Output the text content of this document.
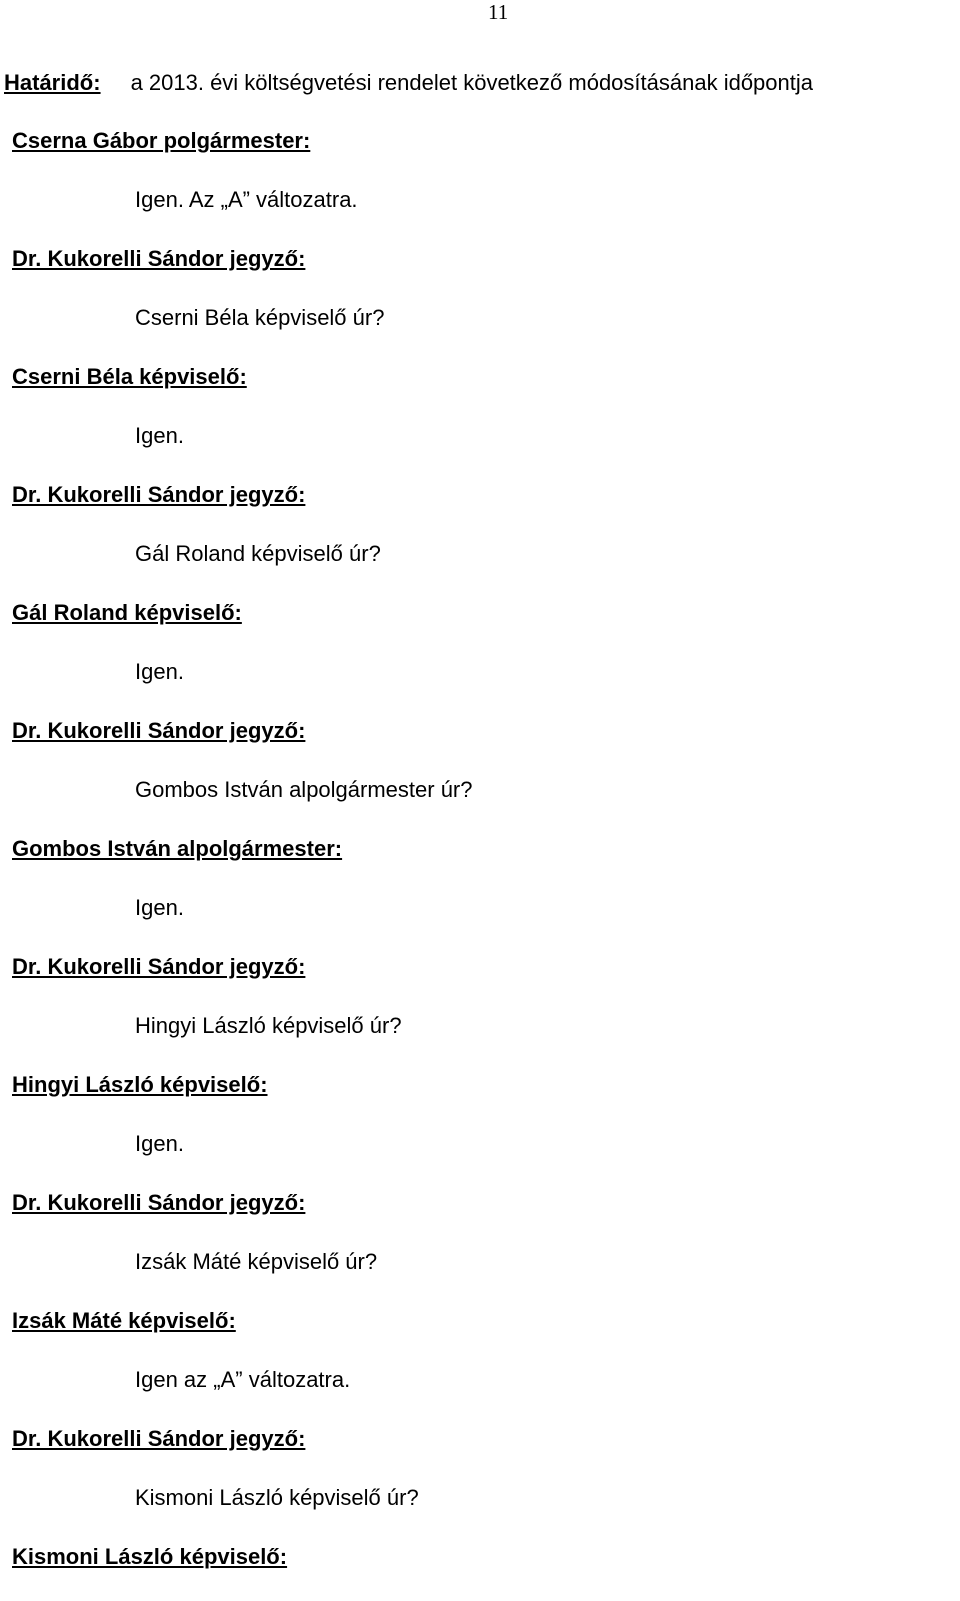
11
Határidő: a 2013. évi költségvetési rendelet következő módosításának időpontja
Cserna Gábor polgármester:
Igen. Az „A” változatra.
Dr. Kukorelli Sándor jegyző:
Cserni Béla képviselő úr?
Cserni Béla képviselő:
Igen.
Dr. Kukorelli Sándor jegyző:
Gál Roland képviselő úr?
Gál Roland képviselő:
Igen.
Dr. Kukorelli Sándor jegyző:
Gombos István alpolgármester úr?
Gombos István alpolgármester:
Igen.
Dr. Kukorelli Sándor jegyző:
Hingyi László képviselő úr?
Hingyi László képviselő:
Igen.
Dr. Kukorelli Sándor jegyző:
Izsák Máté képviselő úr?
Izsák Máté képviselő:
Igen az „A” változatra.
Dr. Kukorelli Sándor jegyző:
Kismoni László képviselő úr?
Kismoni László képviselő:
